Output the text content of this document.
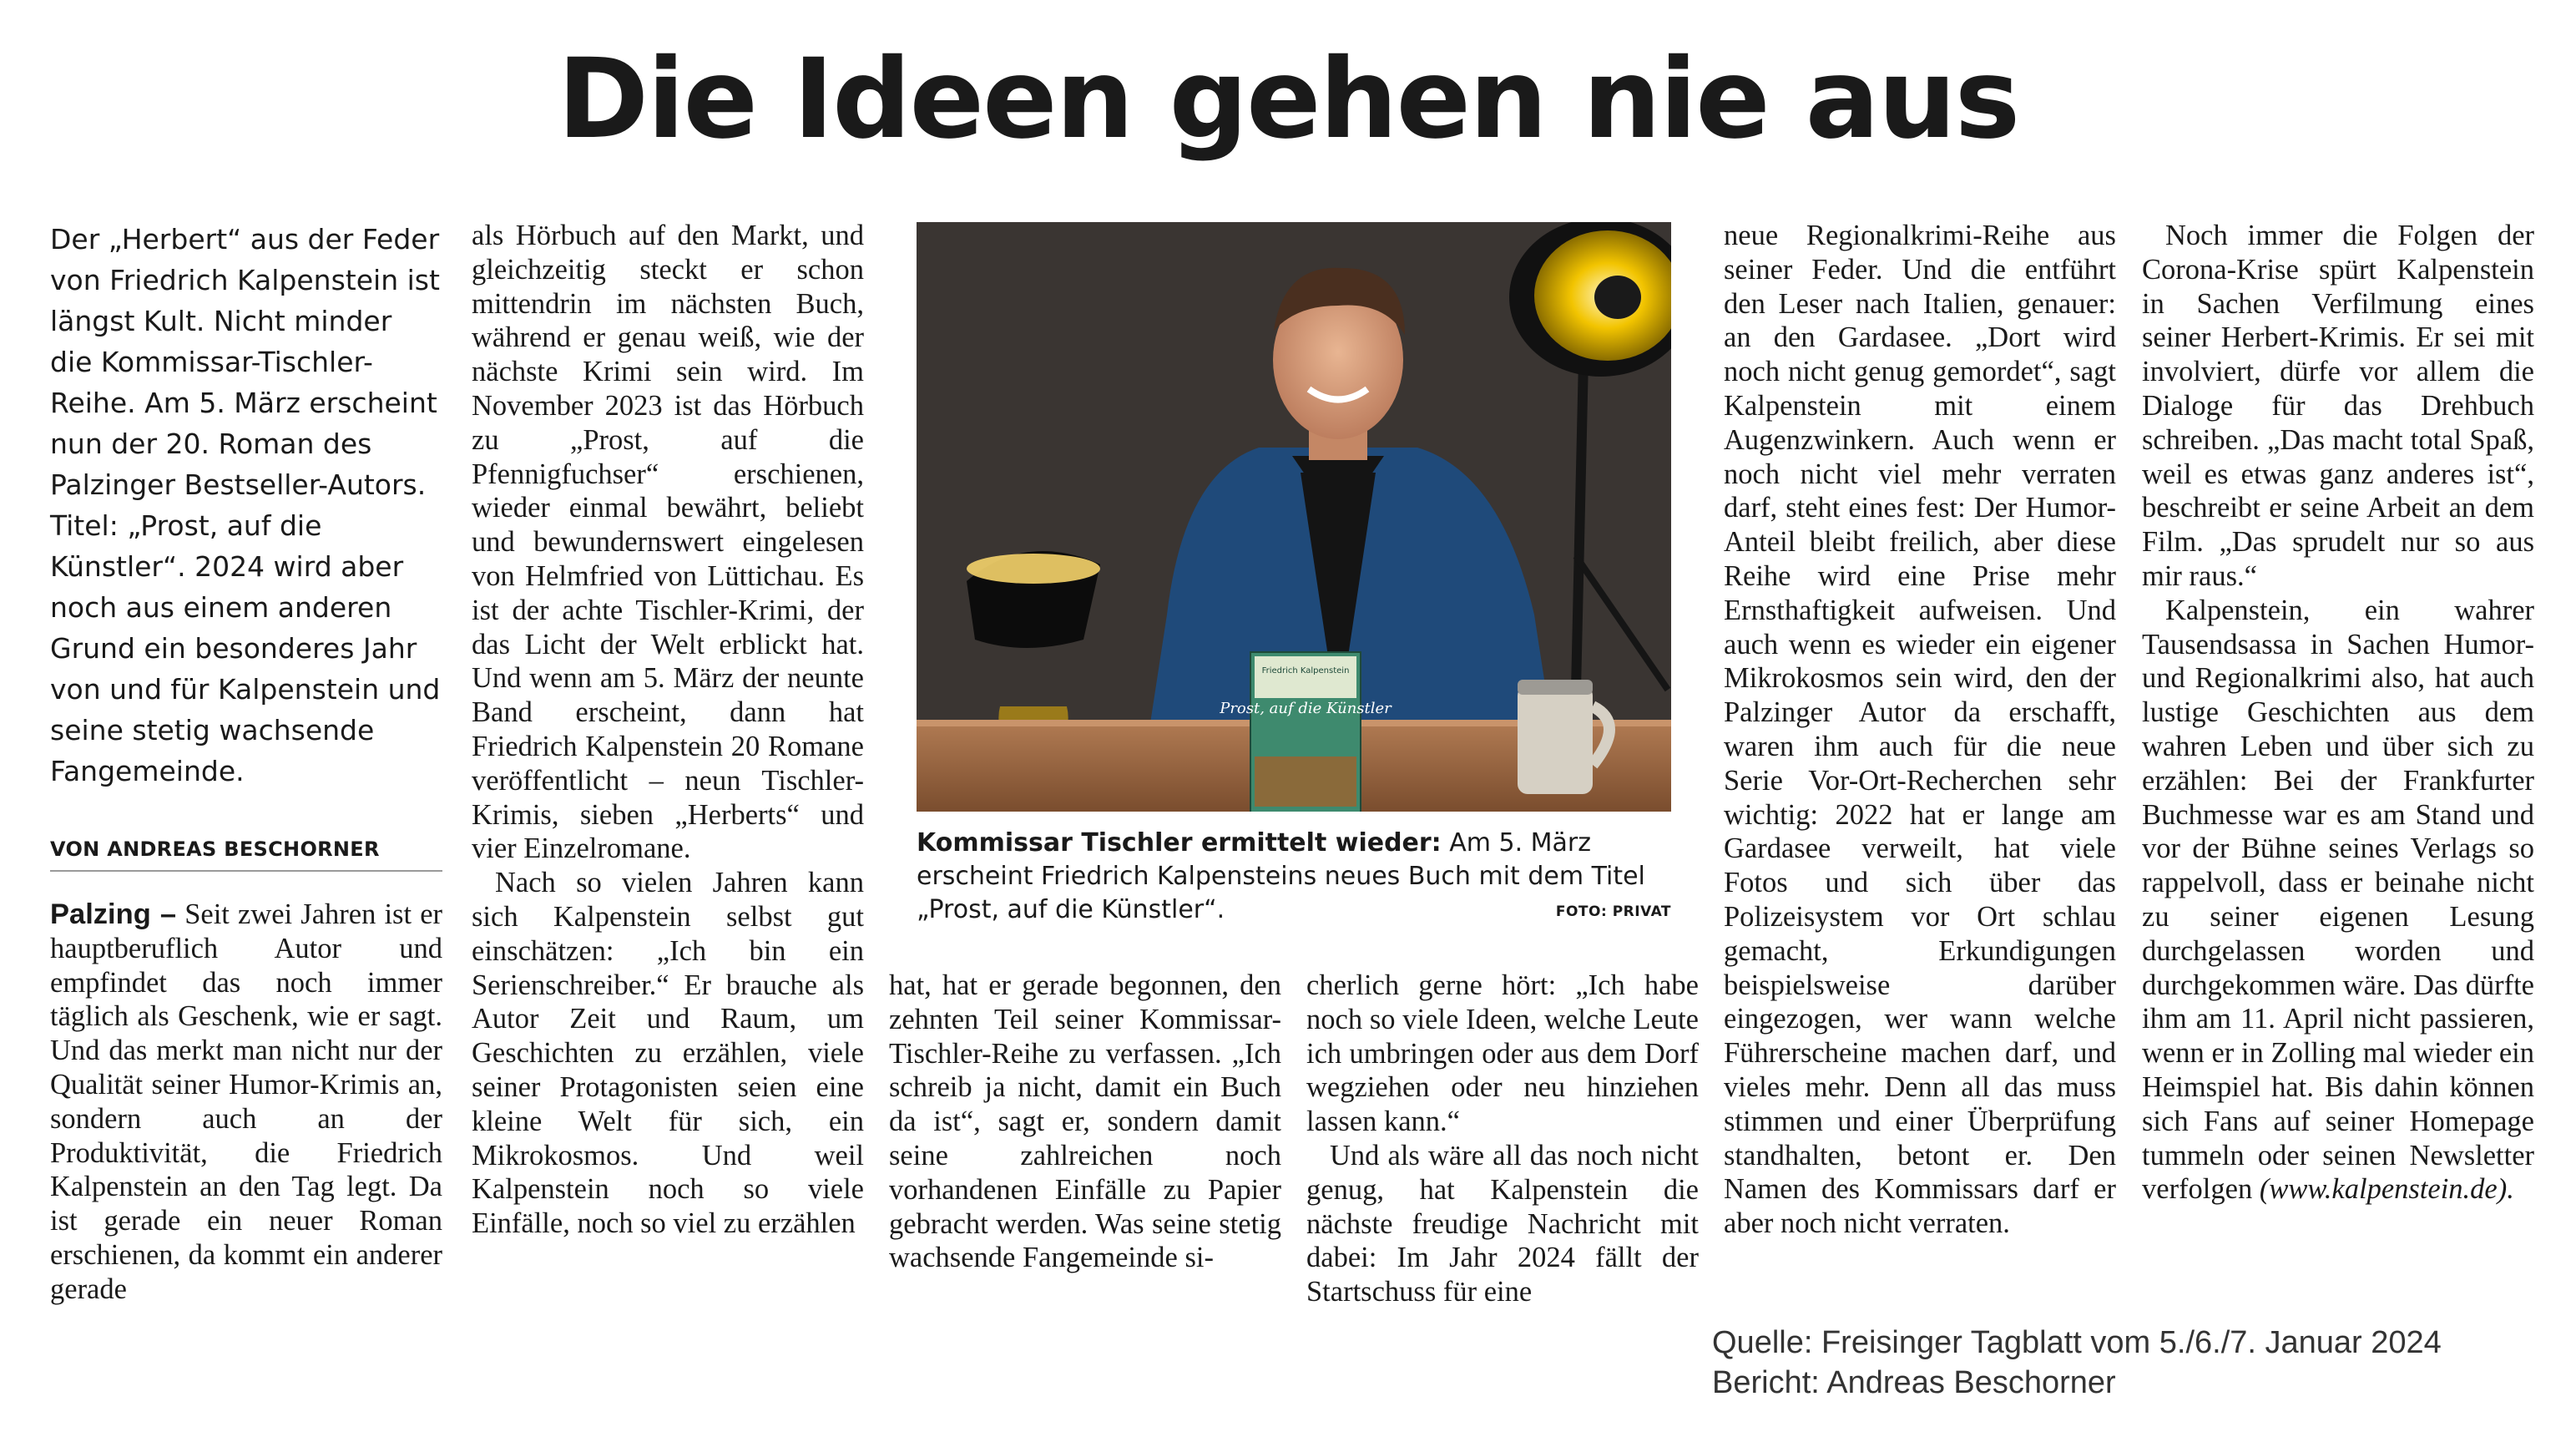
Die Ideen gehen nie aus
Der „Herbert“ aus der Feder von Friedrich Kalpenstein ist längst Kult. Nicht minder die Kommissar-Tischler-Reihe. Am 5. März erscheint nun der 20. Roman des Palzinger Bestseller-Autors. Titel: „Prost, auf die Künstler“. 2024 wird aber noch aus einem anderen Grund ein besonderes Jahr von und für Kalpenstein und seine stetig wachsende Fangemeinde.
VON ANDREAS BESCHORNER

Palzing – Seit zwei Jahren ist er hauptberuflich Autor und empfindet das noch immer täglich als Geschenk, wie er sagt. Und das merkt man nicht nur der Qualität seiner Humor-Krimis an, sondern auch an der Produktivität, die Friedrich Kalpenstein an den Tag legt. Da ist gerade ein neuer Roman erschienen, da kommt ein anderer gerade

als Hörbuch auf den Markt, und gleichzeitig steckt er schon mittendrin im nächsten Buch, während er genau weiß, wie der nächste Krimi sein wird. Im November 2023 ist das Hörbuch zu „Prost, auf die Pfennigfuchser“ erschienen, wieder einmal bewährt, beliebt und bewundernswert eingelesen von Helmfried von Lüttichau. Es ist der achte Tischler-Krimi, der das Licht der Welt erblickt hat. Und wenn am 5. März der neunte Band erscheint, dann hat Friedrich Kalpenstein 20 Romane veröffentlicht – neun Tischler-Krimis, sieben „Herberts“ und vier Einzelromane.

Nach so vielen Jahren kann sich Kalpenstein selbst gut einschätzen: „Ich bin ein Serienschreiber.“ Er brauche als Autor Zeit und Raum, um Geschichten zu erzählen, viele seiner Protagonisten seien eine kleine Welt für sich, ein Mikrokosmos. Und weil Kalpenstein noch so viele Einfälle, noch so viel zu erzählen

Prost, auf die Künstler
Friedrich Kalpenstein
Kommissar Tischler ermittelt wieder: Am 5. März erscheint Friedrich Kalpensteins neues Buch mit dem Titel „Prost, auf die Künstler“.	FOTO: PRIVAT

hat, hat er gerade begonnen, den zehnten Teil seiner Kommissar-Tischler-Reihe zu verfassen. „Ich schreib ja nicht, damit ein Buch da ist“, sagt er, sondern damit seine zahlreichen noch vorhandenen Einfälle zu Papier gebracht werden. Was seine stetig wachsende Fangemeinde si-

cherlich gerne hört: „Ich habe noch so viele Ideen, welche Leute ich umbringen oder aus dem Dorf wegziehen oder neu hinziehen lassen kann.“

Und als wäre all das noch nicht genug, hat Kalpenstein die nächste freudige Nachricht mit dabei: Im Jahr 2024 fällt der Startschuss für eine

neue Regionalkrimi-Reihe aus seiner Feder. Und die entführt den Leser nach Italien, genauer: an den Gardasee. „Dort wird noch nicht genug gemordet“, sagt Kalpenstein mit einem Augenzwinkern. Auch wenn er noch nicht viel mehr verraten darf, steht eines fest: Der Humor-Anteil bleibt freilich, aber diese Reihe wird eine Prise mehr Ernsthaftigkeit aufweisen. Und auch wenn es wieder ein eigener Mikrokosmos sein wird, den der Palzinger Autor da erschafft, waren ihm auch für die neue Serie Vor-Ort-Recherchen sehr wichtig: 2022 hat er lange am Gardasee verweilt, hat viele Fotos und sich über das Polizeisystem vor Ort schlau gemacht, Erkundigungen beispielsweise darüber eingezogen, wer wann welche Führerscheine machen darf, und vieles mehr. Denn all das muss stimmen und einer Überprüfung standhalten, betont er. Den Namen des Kommissars darf er aber noch nicht verraten.

Noch immer die Folgen der Corona-Krise spürt Kalpenstein in Sachen Verfilmung eines seiner Herbert-Krimis. Er sei mit involviert, dürfe vor allem die Dialoge für das Drehbuch schreiben. „Das macht total Spaß, weil es etwas ganz anderes ist“, beschreibt er seine Arbeit an dem Film. „Das sprudelt nur so aus mir raus.“

Kalpenstein, ein wahrer Tausendsassa in Sachen Humor- und Regionalkrimi also, hat auch lustige Geschichten aus dem wahren Leben und über sich zu erzählen: Bei der Frankfurter Buchmesse war es am Stand und vor der Bühne seines Verlags so rappelvoll, dass er beinahe nicht zu seiner eigenen Lesung durchgelassen worden und durchgekommen wäre. Das dürfte ihm am 11. April nicht passieren, wenn er in Zolling mal wieder ein Heimspiel hat. Bis dahin können sich Fans auf seiner Homepage tummeln oder seinen Newsletter verfolgen (www.kalpenstein.de).

Quelle: Freisinger Tagblatt vom 5./6./7. Januar 2024
Bericht: Andreas Beschorner
